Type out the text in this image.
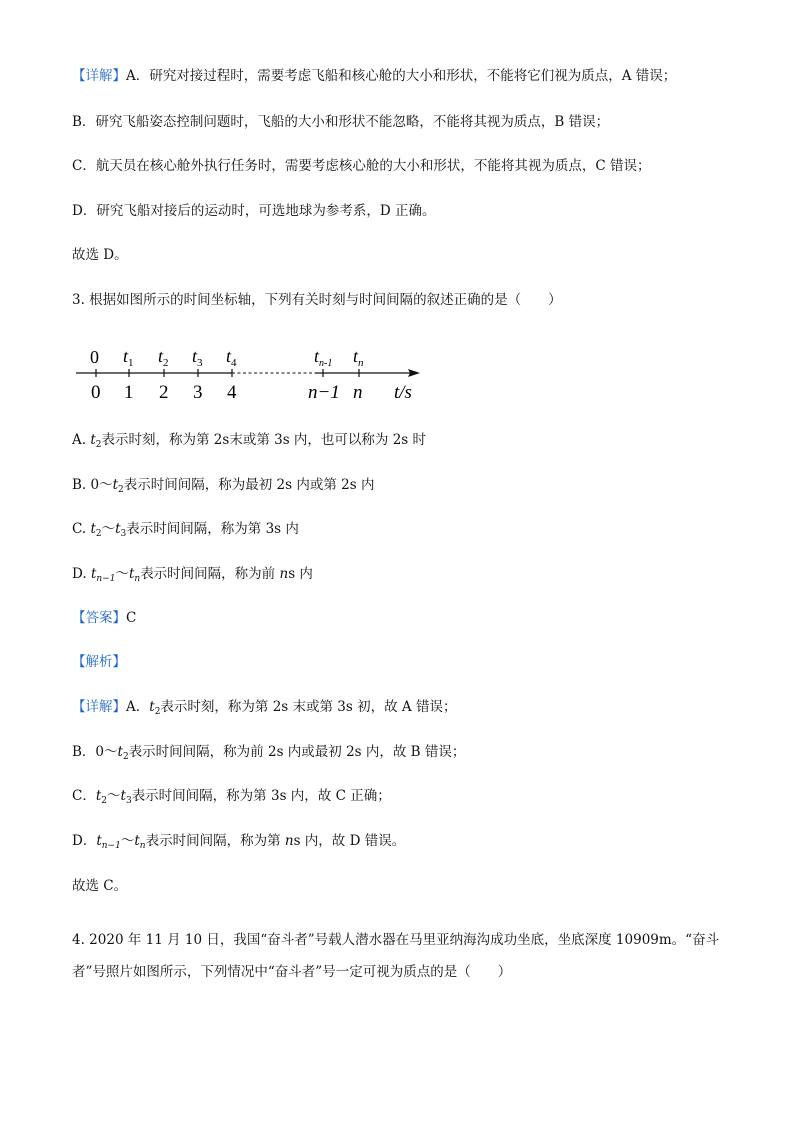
【详解】A．研究对接过程时，需要考虑飞船和核心舱的大小和形状，不能将它们视为质点，A 错误；
B．研究飞船姿态控制问题时，飞船的大小和形状不能忽略，不能将其视为质点，B 错误；
C．航天员在核心舱外执行任务时，需要考虑核心舱的大小和形状，不能将其视为质点，C 错误；
D．研究飞船对接后的运动时，可选地球为参考系，D 正确。
故选 D。
3. 根据如图所示的时间坐标轴，下列有关时刻与时间间隔的叙述正确的是（　　）
0 $t_1$ $t_2$ $t_3$ $t_4$	$t_{n-1}$ $t_n$
0 1 2 3 4	n−1 n t/s
A. $t_2$表示时刻，称为第 2s末或第 3s 内，也可以称为 2s 时
B. $0\sim t_2$表示时间间隔，称为最初 2s 内或第 2s 内
C. $t_2\sim t_3$表示时间间隔，称为第 3s 内
D. $t_{n-1}\sim t_n$表示时间间隔，称为前 ns 内
【答案】C
【解析】
【详解】A．$t_2$表示时刻，称为第 2s 末或第 3s 初，故 A 错误；
B．$0\sim t_2$表示时间间隔，称为前 2s 内或最初 2s 内，故 B 错误；
C．$t_2\sim t_3$表示时间间隔，称为第 3s 内，故 C 正确；
D．$t_{n-1}\sim t_n$表示时间间隔，称为第 ns 内，故 D 错误。
故选 C。
4. 2020 年 11 月 10 日，我国“奋斗者”号载人潜水器在马里亚纳海沟成功坐底，坐底深度 10909m。“奋斗
者”号照片如图所示，下列情况中“奋斗者”号一定可视为质点的是（　　）
